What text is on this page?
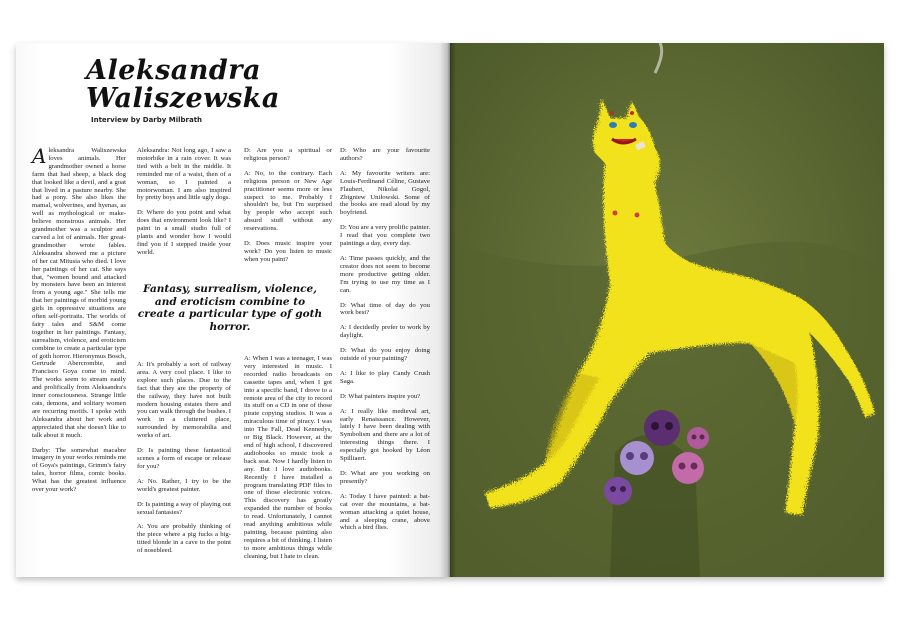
Aleksandra
Waliszewska
Interview by Darby Milbrath

Aleksandra Waliszewska loves animals. Her grandmother owned a horse farm that had sheep, a black dog that looked like a devil, and a goat that lived in a pasture nearby. She had a pony. She also likes the mamal, wolverines, and hyenas, as well as mythological or make-believe monstrous animals. Her grandmother was a sculptor and carved a lot of animals. Her great-grandmother wrote fables. Aleksandra showed me a picture of her cat Mitusia who died. I love her paintings of her cat. She says that, "women bound and attacked by monsters have been an interest from a young age." She tells me that her paintings of morbid young girls in oppressive situations are often self-portraits. The worlds of fairy tales and S&M come together in her paintings. Fantasy, surrealism, violence, and eroticism combine to create a particular type of goth horror. Hieronymus Bosch, Gertrude Abercrombie, and Francisco Goya come to mind. The works seem to stream easily and prolifically from Aleksandra's inner consciousness. Strange little cats, demons, and solitary women are recurring motifs. I spoke with Aleksandra about her work and appreciated that she doesn't like to talk about it much.

Darby: The somewhat macabre imagery in your works reminds me of Goya's paintings, Grimm's fairy tales, horror films, comic books. What has the greatest influence over your work?

Aleksandra: Not long ago, I saw a motorbike in a rain cover. It was tied with a belt in the middle. It reminded me of a waist, then of a woman, so I painted a motorwoman. I am also inspired by pretty boys and little ugly dogs.

D: Where do you point and what does that environment look like? I paint in a small studio full of plants and wonder how I would find you if I stepped inside your world.

Fantasy, surrealism, violence, and eroticism combine to create a particular type of goth horror.

A: It's probably a sort of railway area. A very cool place. I like to explore such places. Due to the fact that they are the property of the railway, they have not built modern housing estates there and you can walk through the bushes. I work in a cluttered place, surrounded by memorabilia and works of art.

D: Is painting these fantastical scenes a form of escape or release for you?

A: No. Rather, I try to be the world's greatest painter.

D: Is painting a way of playing out sexual fantasies?

A: You are probably thinking of the piece where a pig fucks a big-titted blonde in a cave to the point of nosebleed.

D: Are you a spiritual or religious person?

A: No, to the contrary. Each religious person or New Age practitioner seems more or less suspect to me. Probably I shouldn't be, but I'm surprised by people who accept such absurd stuff without any reservations.

D: Does music inspire your work? Do you listen to music when you paint?

A: When I was a teenager, I was very interested in music. I recorded radio broadcasts on cassette tapes and, when I got into a specific band, I drove to a remote area of the city to record its stuff on a CD in one of those pirate copying studios. It was a miraculous time of piracy. I was into The Fall, Dead Kennedys, or Big Black. However, at the end of high school, I discovered audiobooks so music took a back seat. Now I hardly listen to any. But I love audiobooks. Recently I have installed a program translating PDF files to one of those electronic voices. This discovery has greatly expanded the number of books to read. Unfortunately, I cannot read anything ambitious while painting, because painting also requires a bit of thinking. I listen to more ambitious things while cleaning, but I hate to clean.

D: Who are your favourite authors?

A: My favourite writers are: Louis-Ferdinand Céline, Gustave Flaubert, Nikolai Gogol, Zbigniew Uniłowski. Some of the books are read aloud by my boyfriend.

D: You are a very prolific painter. I read that you complete two paintings a day, every day.

A: Time passes quickly, and the creator does not seem to become more productive getting older. I'm trying to use my time as I can.

D: What time of day do you work best?

A: I decidedly prefer to work by daylight.

D: What do you enjoy doing outside of your painting?

A: I like to play Candy Crush Saga.

D: What painters inspire you?

A: I really like medieval art, early Renaissance. However, lately I have been dealing with Symbolism and there are a lot of interesting things there. I especially got hooked by Léon Spilliaert.

D: What are you working on presently?

A: Today I have painted: a bat-cat over the mountains, a bat-woman attacking a quiet house, and a sleeping crane, above which a bird flies.
